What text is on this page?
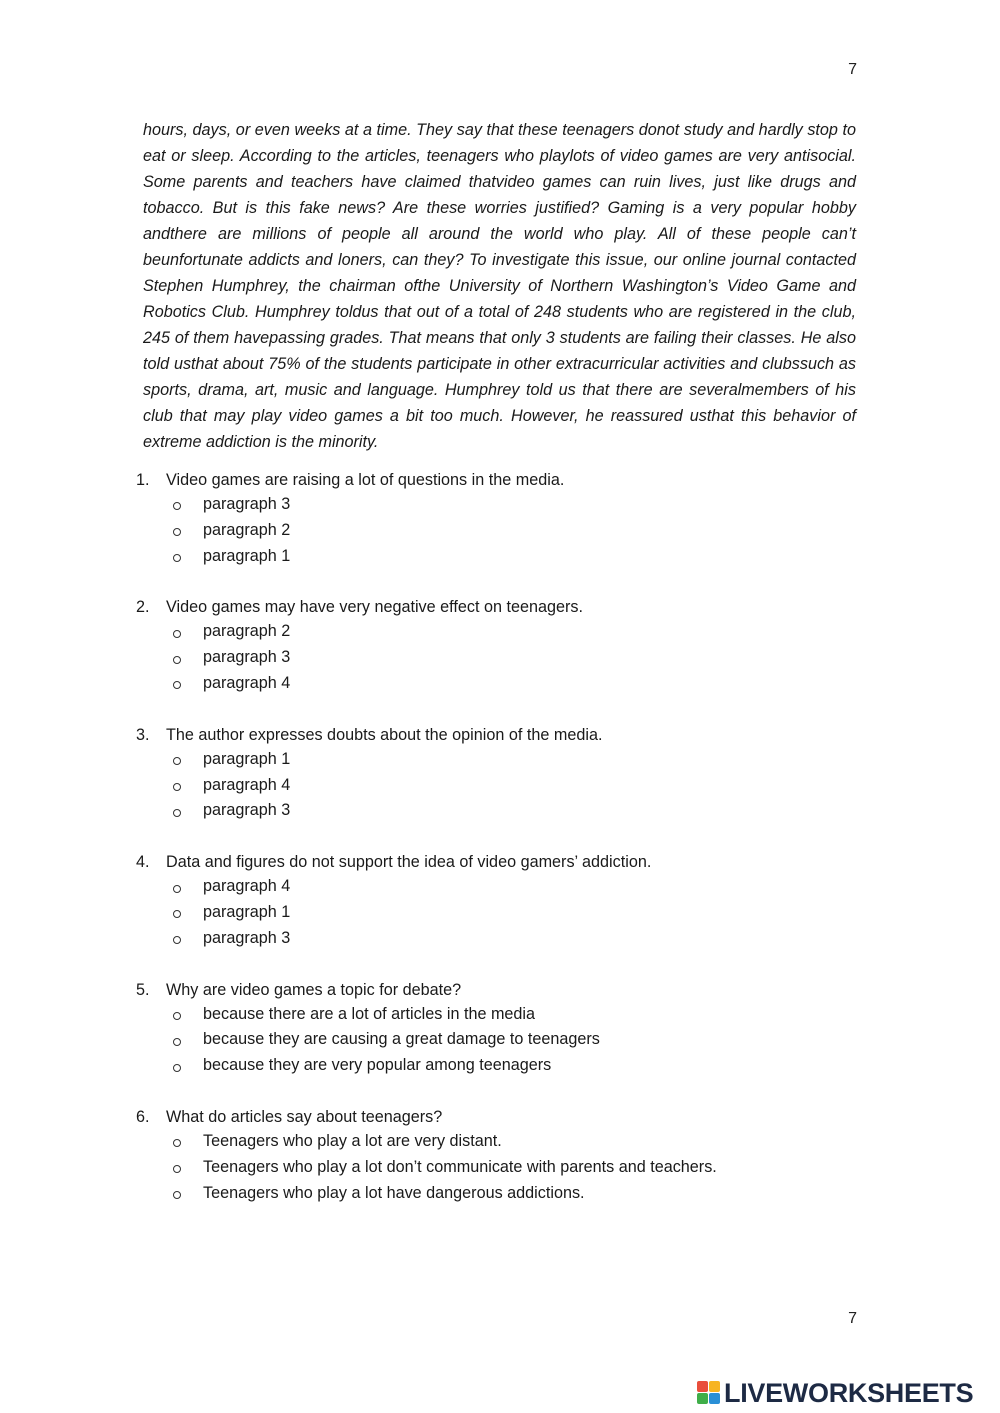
7

hours, days, or even weeks at a time. They say that these teenagers donot study and hardly stop to eat or sleep. According to the articles, teenagers who playlots of video games are very antisocial. Some parents and teachers have claimed thatvideo games can ruin lives, just like drugs and tobacco. But is this fake news? Are these worries justified? Gaming is a very popular hobby andthere are millions of people all around the world who play. All of these people can’t beunfortunate addicts and loners, can they? To investigate this issue, our online journal contacted Stephen Humphrey, the chairman ofthe University of Northern Washington’s Video Game and Robotics Club. Humphrey toldus that out of a total of 248 students who are registered in the club, 245 of them havepassing grades. That means that only 3 students are failing their classes. He also told usthat about 75% of the students participate in other extracurricular activities and clubssuch as sports, drama, art, music and language. Humphrey told us that there are severalmembers of his club that may play video games a bit too much. However, he reassured usthat this behavior of extreme addiction is the minority.

1.	Video games are raising a lot of questions in the media.
paragraph 3
paragraph 2
paragraph 1
2.	Video games may have very negative effect on teenagers.
paragraph 2
paragraph 3
paragraph 4
3.	The author expresses doubts about the opinion of the media.
paragraph 1
paragraph 4
paragraph 3
4.	Data and figures do not support the idea of video gamers’ addiction.
paragraph 4
paragraph 1
paragraph 3
5.	Why are video games a topic for debate?
because there are a lot of articles in the media
because they are causing a great damage to teenagers
because they are very popular among teenagers
6.	What do articles say about teenagers?
Teenagers who play a lot are very distant.
Teenagers who play a lot don’t communicate with parents and teachers.
Teenagers who play a lot have dangerous addictions.
7
LIVEWORKSHEETS
